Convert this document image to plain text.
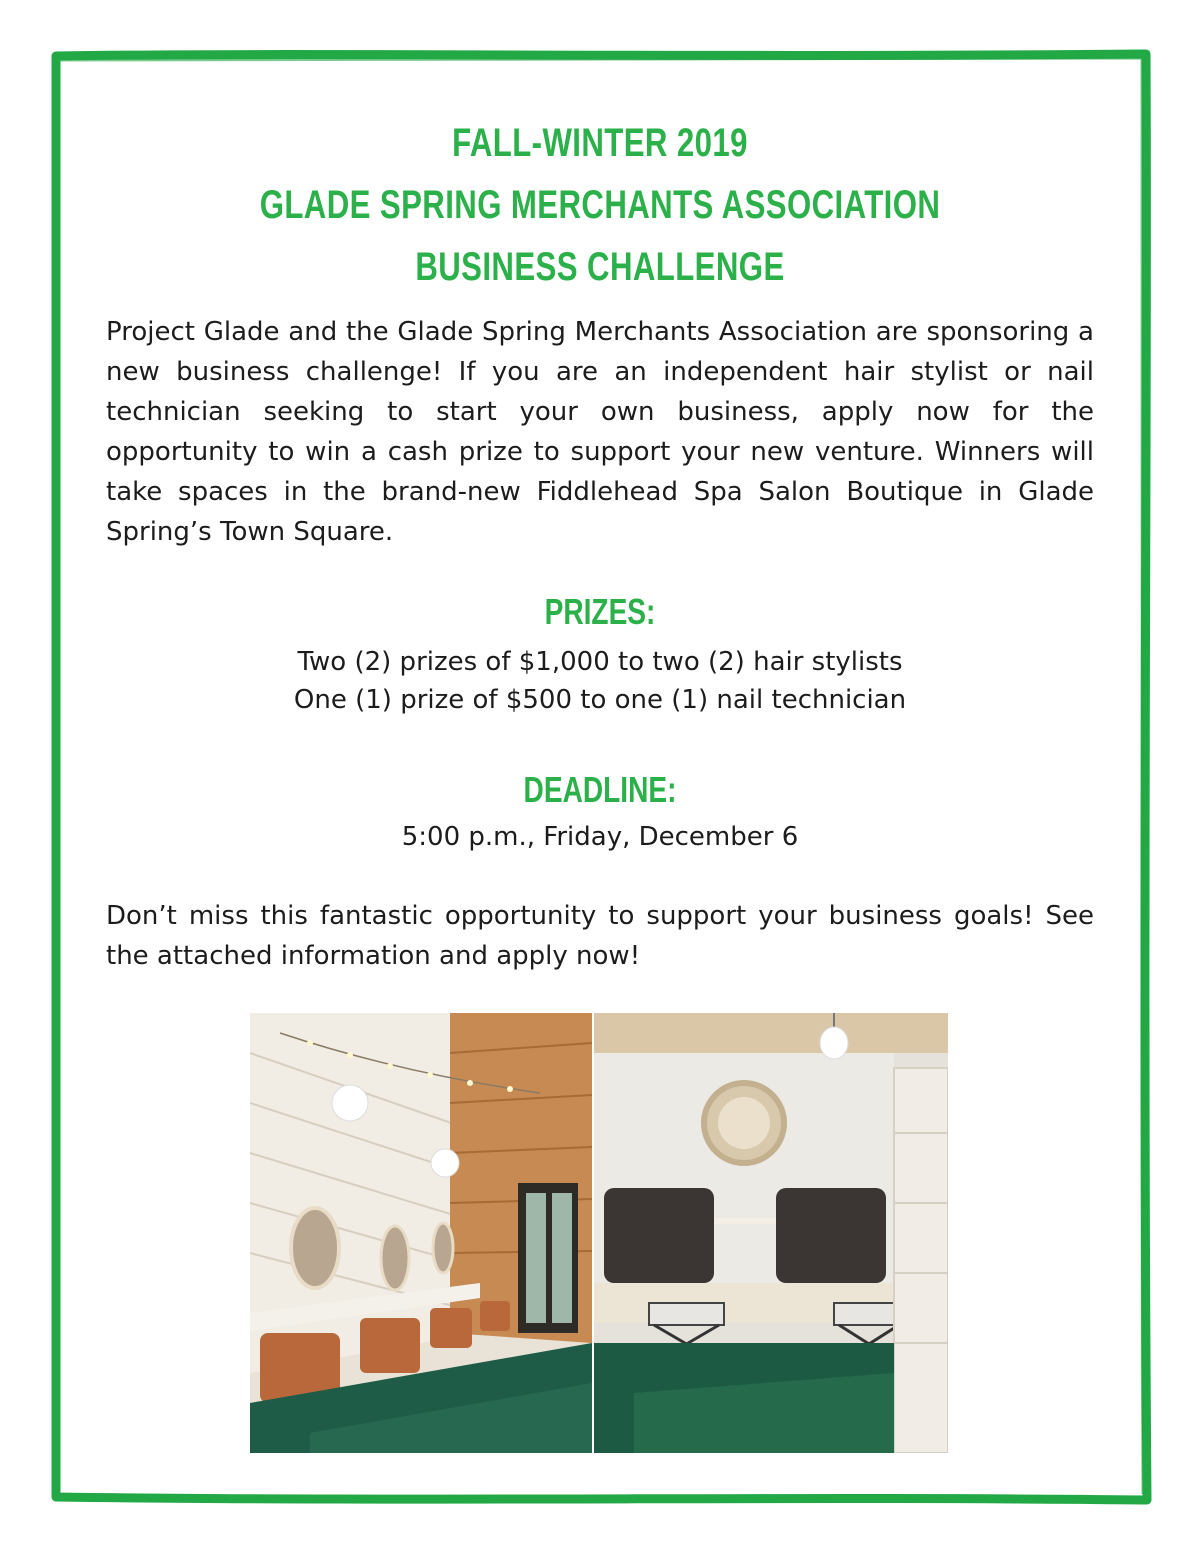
FALL-WINTER 2019
GLADE SPRING MERCHANTS ASSOCIATION
BUSINESS CHALLENGE

Project Glade and the Glade Spring Merchants Association are sponsoring a new business challenge! If you are an independent hair stylist or nail technician seeking to start your own business, apply now for the opportunity to win a cash prize to support your new venture. Winners will take spaces in the brand-new Fiddlehead Spa Salon Boutique in Glade Spring’s Town Square.

PRIZES:
Two (2) prizes of $1,000 to two (2) hair stylists
One (1) prize of $500 to one (1) nail technician
DEADLINE:
5:00 p.m., Friday, December 6

Don’t miss this fantastic opportunity to support your business goals! See the attached information and apply now!
